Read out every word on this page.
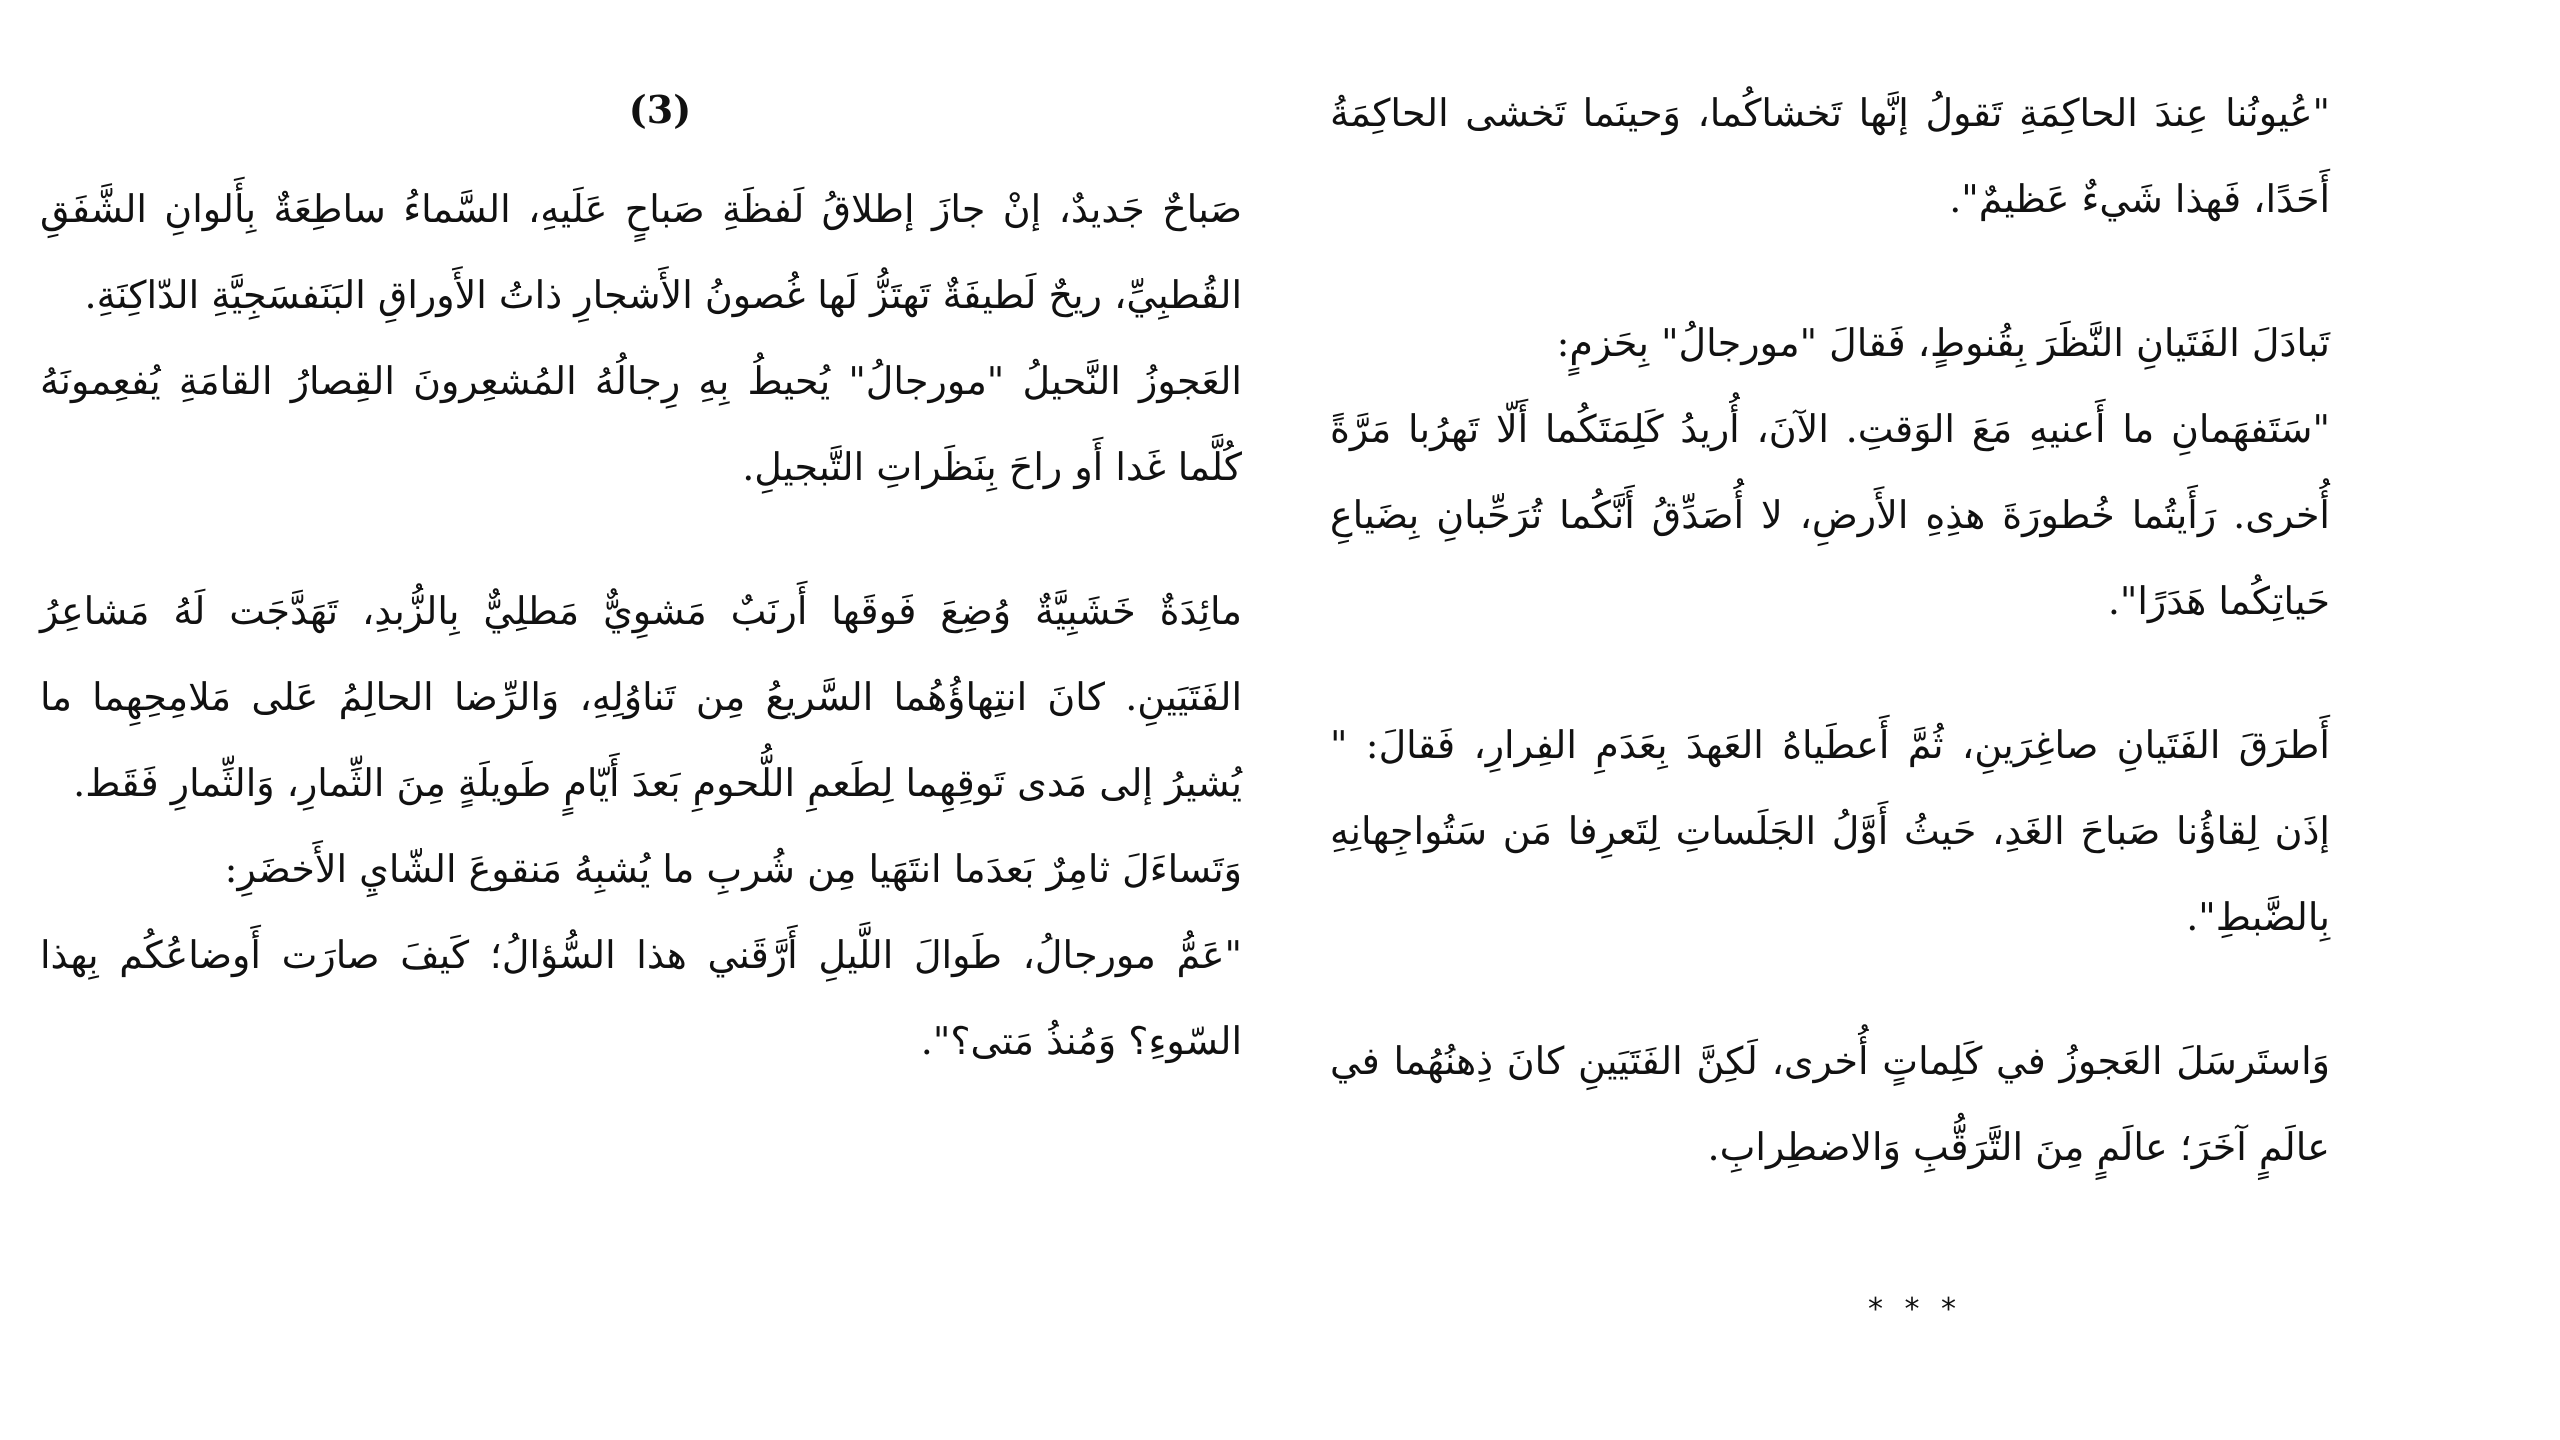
"عُيونُنا عِندَ الحاكِمَةِ تَقولُ إنَّها تَخشاكُما، وَحينَما تَخشى الحاكِمَةُ أَحَدًا، فَهذا شَيءٌ عَظيمٌ".

تَبادَلَ الفَتَيانِ النَّظَرَ بِقُنوطٍ، فَقالَ "مورجالُ" بِحَزمٍ:

"سَتَفهَمانِ ما أَعنيهِ مَعَ الوَقتِ. الآنَ، أُريدُ كَلِمَتَكُما أَلّا تَهرُبا مَرَّةً أُخرى. رَأَيتُما خُطورَةَ هذِهِ الأَرضِ، لا أُصَدِّقُ أَنَّكُما تُرَحِّبانِ بِضَياعِ حَياتِكُما هَدَرًا".

أَطرَقَ الفَتَيانِ صاغِرَينِ، ثُمَّ أَعطَياهُ العَهدَ بِعَدَمِ الفِرارِ، فَقالَ: " إذَن لِقاؤُنا صَباحَ الغَدِ، حَيثُ أَوَّلُ الجَلَساتِ لِتَعرِفا مَن سَتُواجِهانِهِ بِالضَّبطِ".

وَاستَرسَلَ العَجوزُ في كَلِماتٍ أُخرى، لَكِنَّ الفَتَيَينِ كانَ ذِهنُهُما في عالَمٍ آخَرَ؛ عالَمٍ مِنَ التَّرَقُّبِ وَالاضطِرابِ.

* * *
(3)

صَباحٌ جَديدٌ، إنْ جازَ إطلاقُ لَفظَةِ صَباحٍ عَلَيهِ، السَّماءُ ساطِعَةٌ بِأَلوانِ الشَّفَقِ القُطبِيِّ، ريحٌ لَطيفَةٌ تَهتَزُّ لَها غُصونُ الأَشجارِ ذاتُ الأَوراقِ البَنَفسَجِيَّةِ الدّاكِنَةِ.

العَجوزُ النَّحيلُ "مورجالُ" يُحيطُ بِهِ رِجالُهُ المُشعِرونَ القِصارُ القامَةِ يُفعِمونَهُ كُلَّما غَدا أَو راحَ بِنَظَراتِ التَّبجيلِ.

مائِدَةٌ خَشَبِيَّةٌ وُضِعَ فَوقَها أَرنَبٌ مَشوِيٌّ مَطلِيٌّ بِالزُّبدِ، تَهَدَّجَت لَهُ مَشاعِرُ الفَتَيَينِ. كانَ انتِهاؤُهُما السَّريعُ مِن تَناوُلِهِ، وَالرِّضا الحالِمُ عَلى مَلامِحِهِما ما يُشيرُ إلى مَدى تَوقِهِما لِطَعمِ اللُّحومِ بَعدَ أَيّامٍ طَويلَةٍ مِنَ الثِّمارِ، وَالثِّمارِ فَقَط.

وَتَساءَلَ ثامِرٌ بَعدَما انتَهَيا مِن شُربِ ما يُشبِهُ مَنقوعَ الشّايِ الأَخضَرِ:

"عَمُّ مورجالُ، طَوالَ اللَّيلِ أَرَّقَني هذا السُّؤالُ؛ كَيفَ صارَت أَوضاعُكُم بِهذا السّوءِ؟ وَمُنذُ مَتى؟".
